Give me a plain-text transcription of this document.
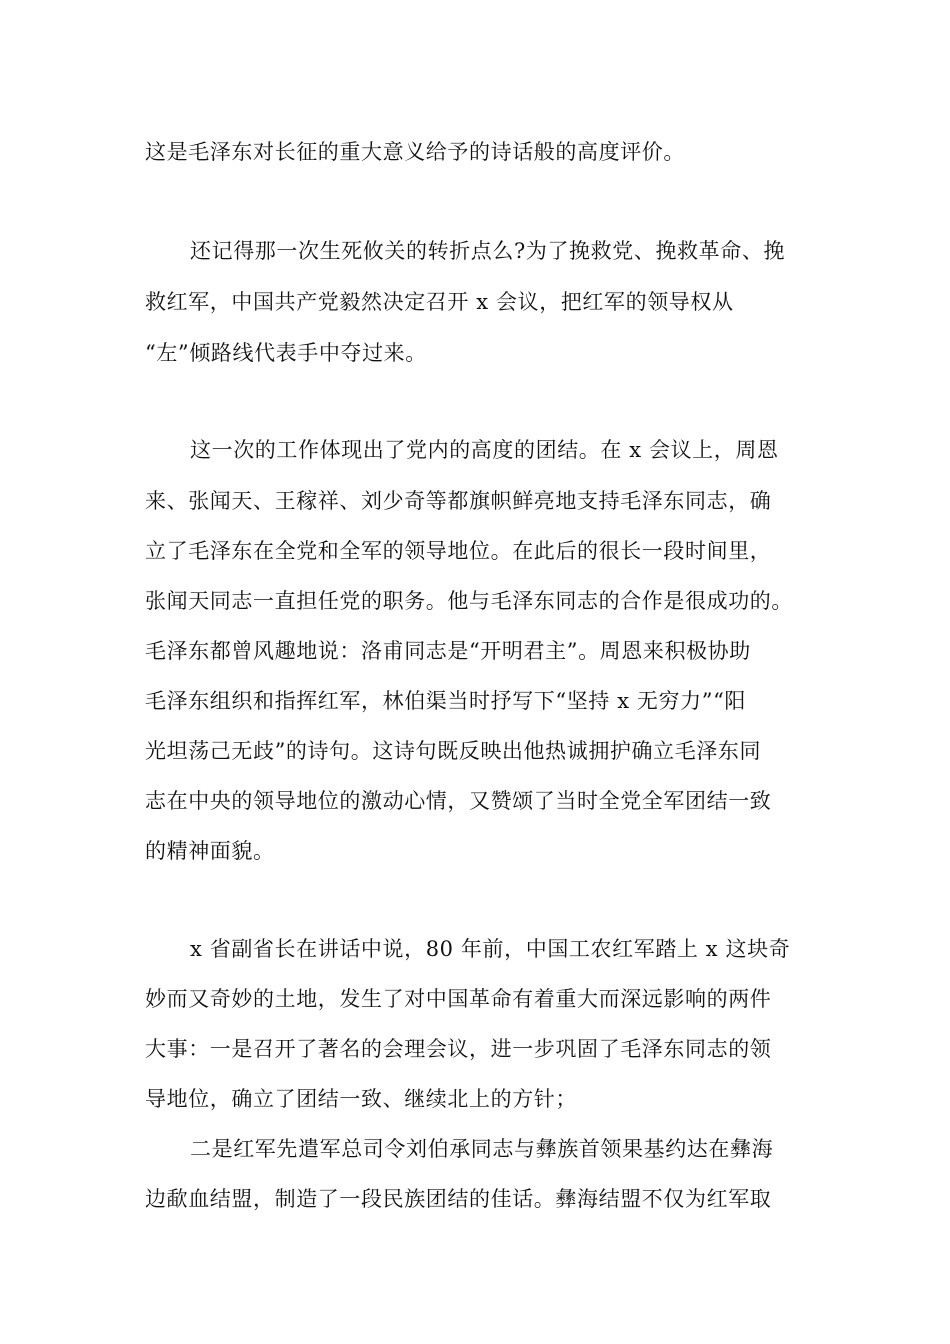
这是毛泽东对长征的重大意义给予的诗话般的高度评价。
还记得那一次生死攸关的转折点么?为了挽救党、挽救革命、挽
救红军，中国共产党毅然决定召开 x 会议，把红军的领导权从
“左”倾路线代表手中夺过来。
这一次的工作体现出了党内的高度的团结。在 x 会议上，周恩
来、张闻天、王稼祥、刘少奇等都旗帜鲜亮地支持毛泽东同志，确
立了毛泽东在全党和全军的领导地位。在此后的很长一段时间里，
张闻天同志一直担任党的职务。他与毛泽东同志的合作是很成功的。
毛泽东都曾风趣地说：洛甫同志是“开明君主”。周恩来积极协助
毛泽东组织和指挥红军，林伯渠当时抒写下“坚持 x 无穷力”“阳
光坦荡己无歧”的诗句。这诗句既反映出他热诚拥护确立毛泽东同
志在中央的领导地位的激动心情，又赞颂了当时全党全军团结一致
的精神面貌。
x 省副省长在讲话中说，80 年前，中国工农红军踏上 x 这块奇
妙而又奇妙的土地，发生了对中国革命有着重大而深远影响的两件
大事：一是召开了著名的会理会议，进一步巩固了毛泽东同志的领
导地位，确立了团结一致、继续北上的方针；
二是红军先遣军总司令刘伯承同志与彝族首领果基约达在彝海
边歃血结盟，制造了一段民族团结的佳话。彝海结盟不仅为红军取
